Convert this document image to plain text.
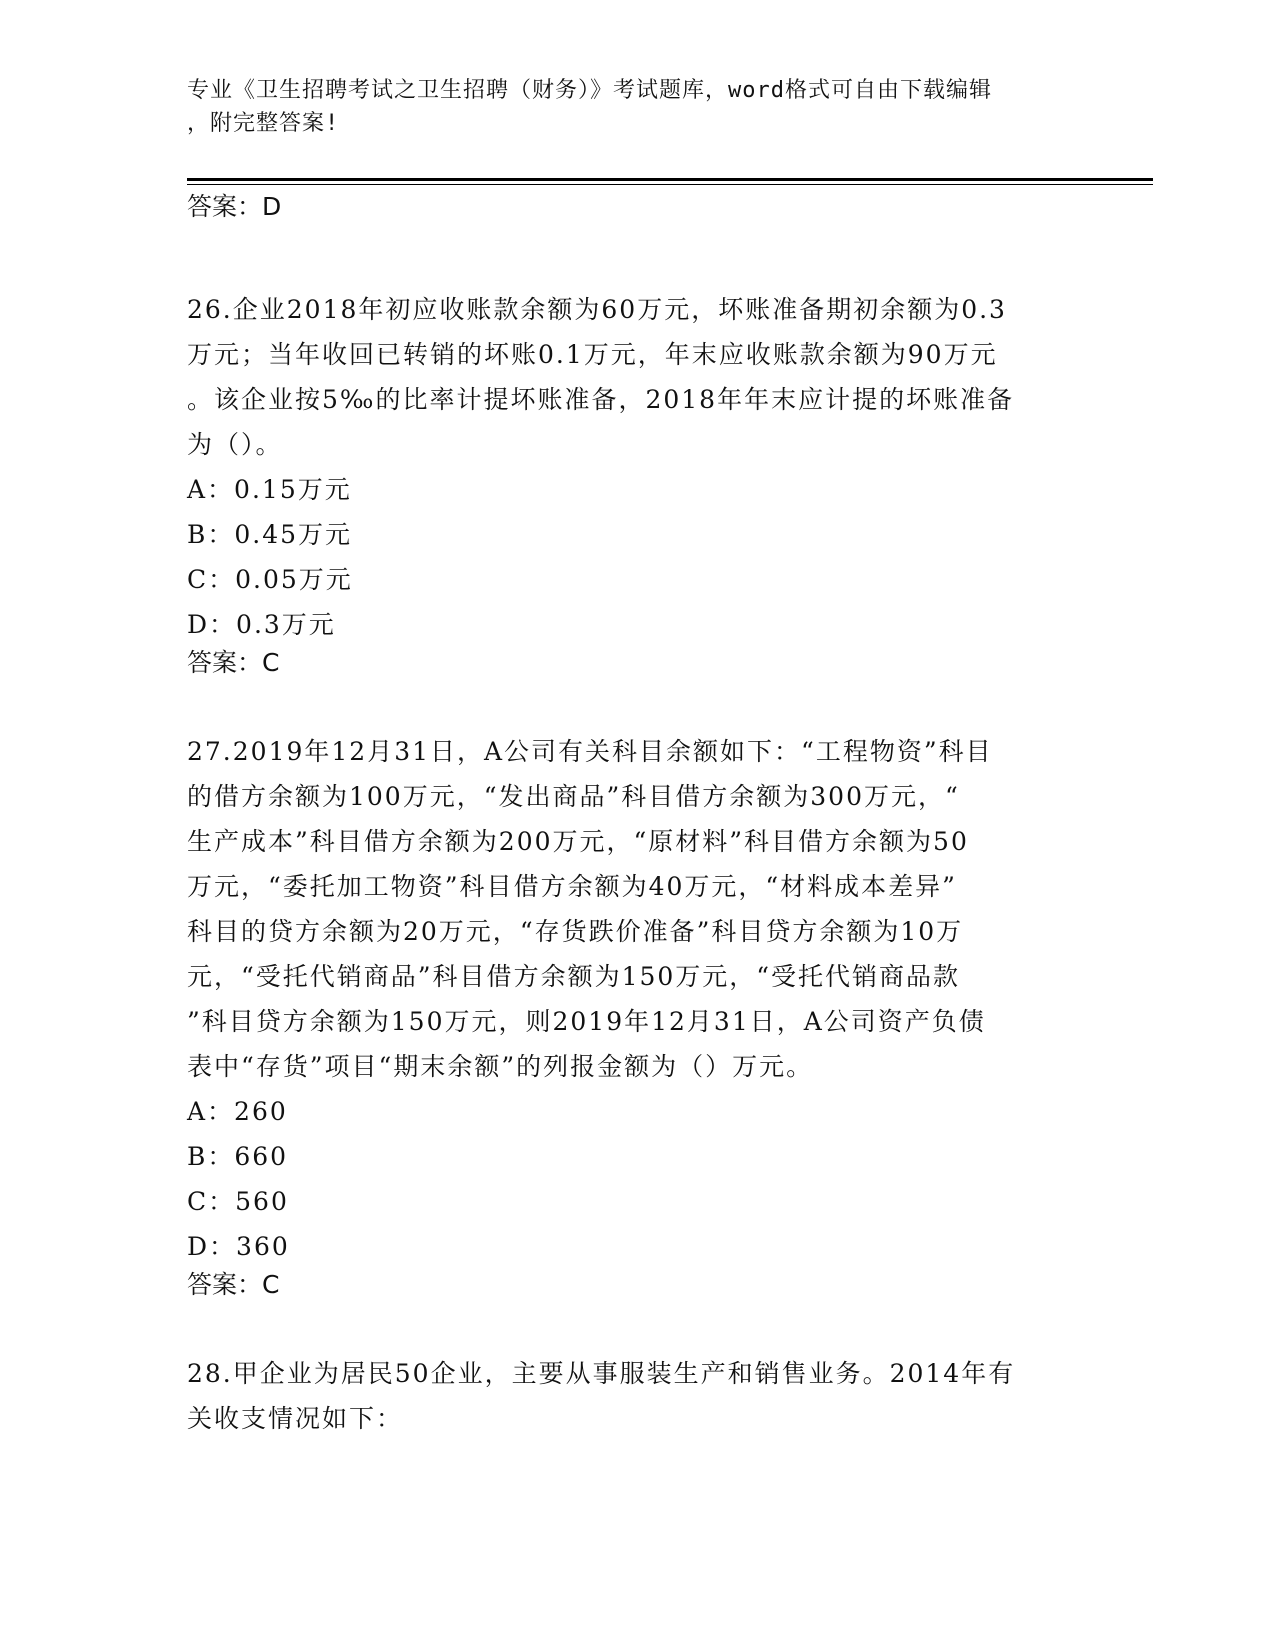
专业《卫生招聘考试之卫生招聘（财务）》考试题库，word格式可自由下载编辑
，附完整答案!

答案：D

26.企业2018年初应收账款余额为60万元，坏账准备期初余额为0.3

万元；当年收回已转销的坏账0.1万元，年末应收账款余额为90万元

。该企业按5‰的比率计提坏账准备，2018年年末应计提的坏账准备

为（）。

A：0.15万元

B：0.45万元

C：0.05万元

D：0.3万元

答案：C

27.2019年12月31日，A公司有关科目余额如下：“工程物资”科目

的借方余额为100万元，“发出商品”科目借方余额为300万元，“

生产成本”科目借方余额为200万元，“原材料”科目借方余额为50

万元，“委托加工物资”科目借方余额为40万元，“材料成本差异”

科目的贷方余额为20万元，“存货跌价准备”科目贷方余额为10万

元，“受托代销商品”科目借方余额为150万元，“受托代销商品款

”科目贷方余额为150万元，则2019年12月31日，A公司资产负债

表中“存货”项目“期末余额”的列报金额为（）万元。

A：260

B：660

C：560

D：360

答案：C

28.甲企业为居民50企业，主要从事服装生产和销售业务。2014年有

关收支情况如下：
